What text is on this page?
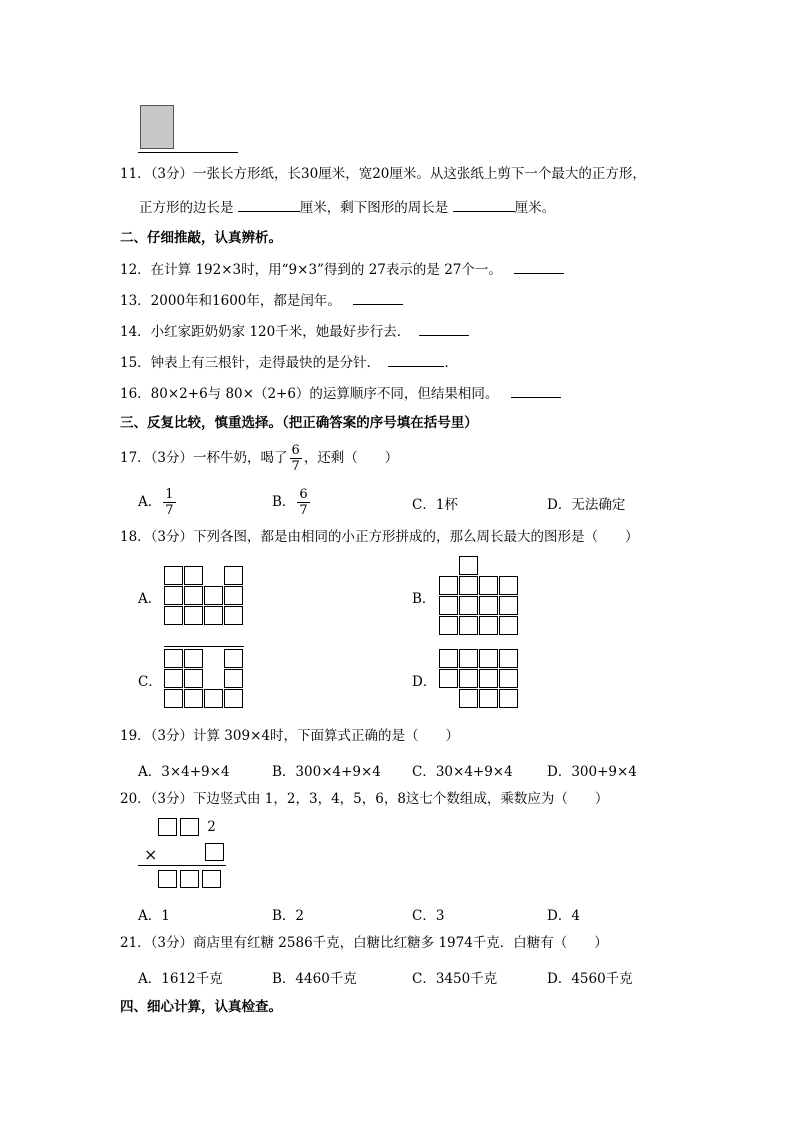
11．（3分）一张长方形纸，长30厘米，宽20厘米。从这张纸上剪下一个最大的正方形，
正方形的边长是	厘米，剩下图形的周长是	厘米。
二、仔细推敲，认真辨析。
12．在计算 192×3时，用“9×3”得到的 27表示的是 27个一。
13．2000年和1600年，都是闰年。
14．小红家距奶奶家 120千米，她最好步行去．
15．钟表上有三根针，走得最快的是分针．	．
16．80×2+6与 80×（2+6）的运算顺序不同，但结果相同。
三、反复比较，慎重选择。（把正确答案的序号填在括号里）
17．（3分）一杯牛奶，喝了 $\frac{6}{7}$ ，还剩（　　）
A． $\frac{1}{7}$	B． $\frac{6}{7}$	C．1杯	D．无法确定
18．（3分）下列各图，都是由相同的小正方形拼成的，那么周长最大的图形是（　　）
A．	B．
C．	D．
19．（3分）计算 309×4时，下面算式正确的是（　　）
A．3×4+9×4	B．300×4+9×4 C．30×4+9×4	D．300+9×4
20．（3分）下边竖式由 1，2，3，4，5，6，8这七个数组成，乘数应为（　　）
2
×
A．1	B．2	C．3	D．4
21．（3分）商店里有红糖 2586千克，白糖比红糖多 1974千克．白糖有（　　）
A．1612千克	B．4460千克	C．3450千克	D．4560千克
四、细心计算，认真检查。
